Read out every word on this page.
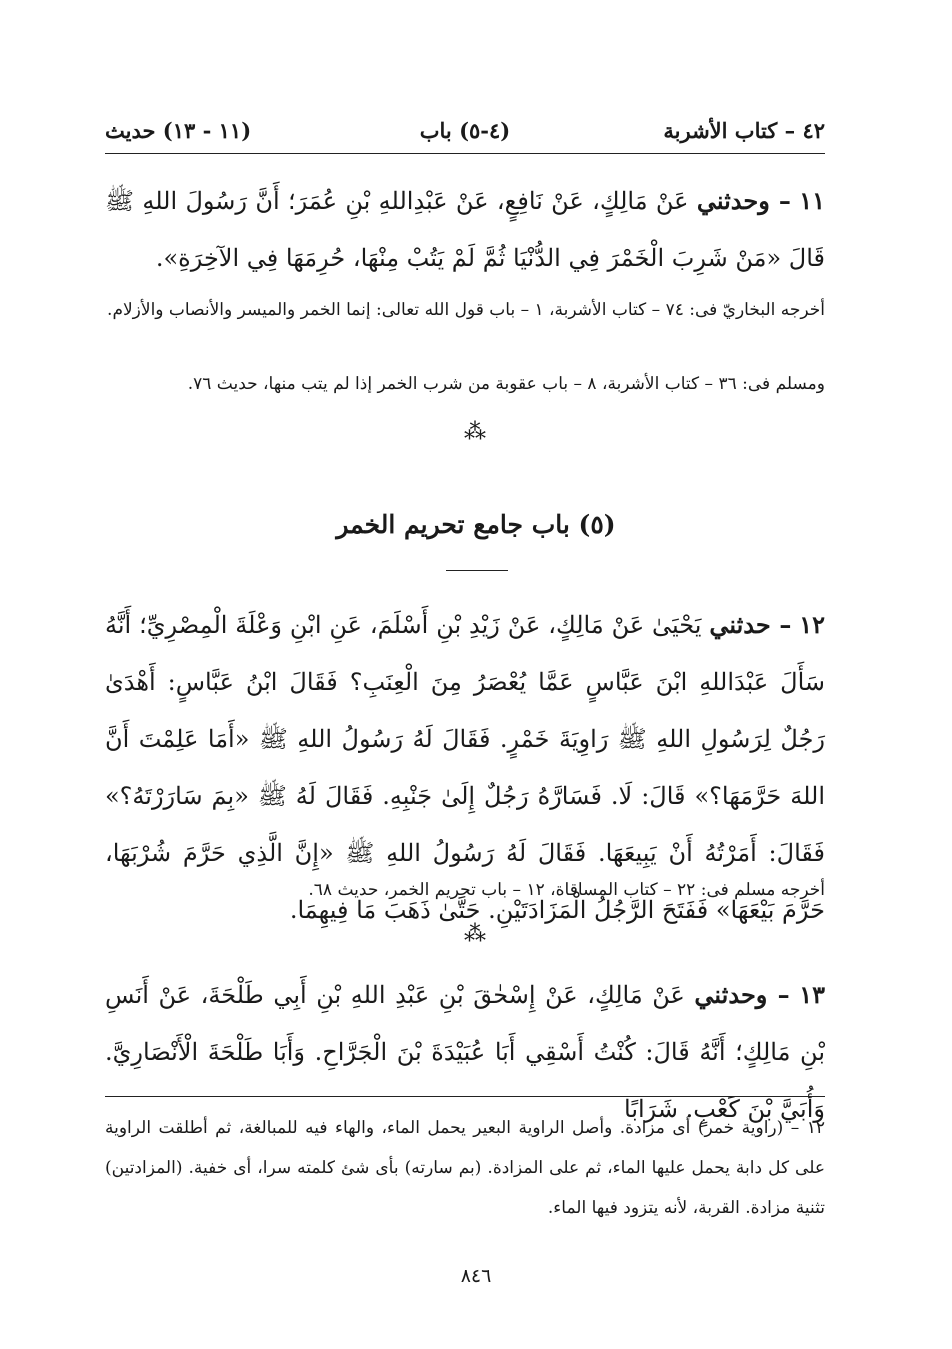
٤٢ – كتاب الأشربة
(٤-٥) باب
(١١ - ١٣) حديث
١١ – وحدثني عَنْ مَالِكٍ، عَنْ نَافِعٍ، عَنْ عَبْدِاللهِ بْنِ عُمَرَ؛ أَنَّ رَسُولَ اللهِ ﷺ قَالَ «مَنْ شَرِبَ الْخَمْرَ فِي الدُّنْيَا ثُمَّ لَمْ يَتُبْ مِنْهَا، حُرِمَهَا فِي الآخِرَةِ».
أخرجه البخاريّ فى: ٧٤ – كتاب الأشربة، ١ – باب قول الله تعالى: إنما الخمر والميسر والأنصاب والأزلام.
ومسلم فى: ٣٦ – كتاب الأشربة، ٨ – باب عقوبة من شرب الخمر إذا لم يتب منها، حديث ٧٦.
⁂
(٥) باب جامع تحريم الخمر
١٢ – حدثني يَحْيَىٰ عَنْ مَالِكٍ، عَنْ زَيْدِ بْنِ أَسْلَمَ، عَنِ ابْنِ وَعْلَةَ الْمِصْرِيِّ؛ أَنَّهُ سَأَلَ عَبْدَاللهِ ابْنَ عَبَّاسٍ عَمَّا يُعْصَرُ مِنَ الْعِنَبِ؟ فَقَالَ ابْنُ عَبَّاسٍ: أَهْدَىٰ رَجُلٌ لِرَسُولِ اللهِ ﷺ رَاوِيَةَ خَمْرٍ. فَقَالَ لَهُ رَسُولُ اللهِ ﷺ «أَمَا عَلِمْتَ أَنَّ اللهَ حَرَّمَهَا؟» قَالَ: لَا. فَسَارَّهُ رَجُلٌ إِلَىٰ جَنْبِهِ. فَقَالَ لَهُ ﷺ «بِمَ سَارَرْتَهُ؟» فَقَالَ: أَمَرْتُهُ أَنْ يَبِيعَهَا. فَقَالَ لَهُ رَسُولُ اللهِ ﷺ «إِنَّ الَّذِي حَرَّمَ شُرْبَهَا، حَرَّمَ بَيْعَهَا» فَفَتَحَ الرَّجُلُ الْمَزَادَتَيْنِ. حَتَّىٰ ذَهَبَ مَا فِيهِمَا.
أخرجه مسلم فى: ٢٢ – كتاب المساقاة، ١٢ – باب تحريم الخمر، حديث ٦٨.
⁂
١٣ – وحدثني عَنْ مَالِكٍ، عَنْ إِسْحٰقَ بْنِ عَبْدِ اللهِ بْنِ أَبِي طَلْحَةَ، عَنْ أَنَسِ بْنِ مَالِكٍ؛ أَنَّهُ قَالَ: كُنْتُ أَسْقِي أَبَا عُبَيْدَةَ بْنَ الْجَرَّاحِ. وَأَبَا طَلْحَةَ الْأَنْصَارِيَّ. وَأُبَيَّ بْنَ كَعْبٍ. شَرَابًا
١٢ – (راوية خمر) أى مزادة. وأصل الراوية البعير يحمل الماء، والهاء فيه للمبالغة، ثم أطلقت الراوية على كل دابة يحمل عليها الماء، ثم على المزادة. (بم سارته) بأى شئ كلمته سرا، أى خفية. (المزادتين) تثنية مزادة. القربة، لأنه يتزود فيها الماء.
٨٤٦
